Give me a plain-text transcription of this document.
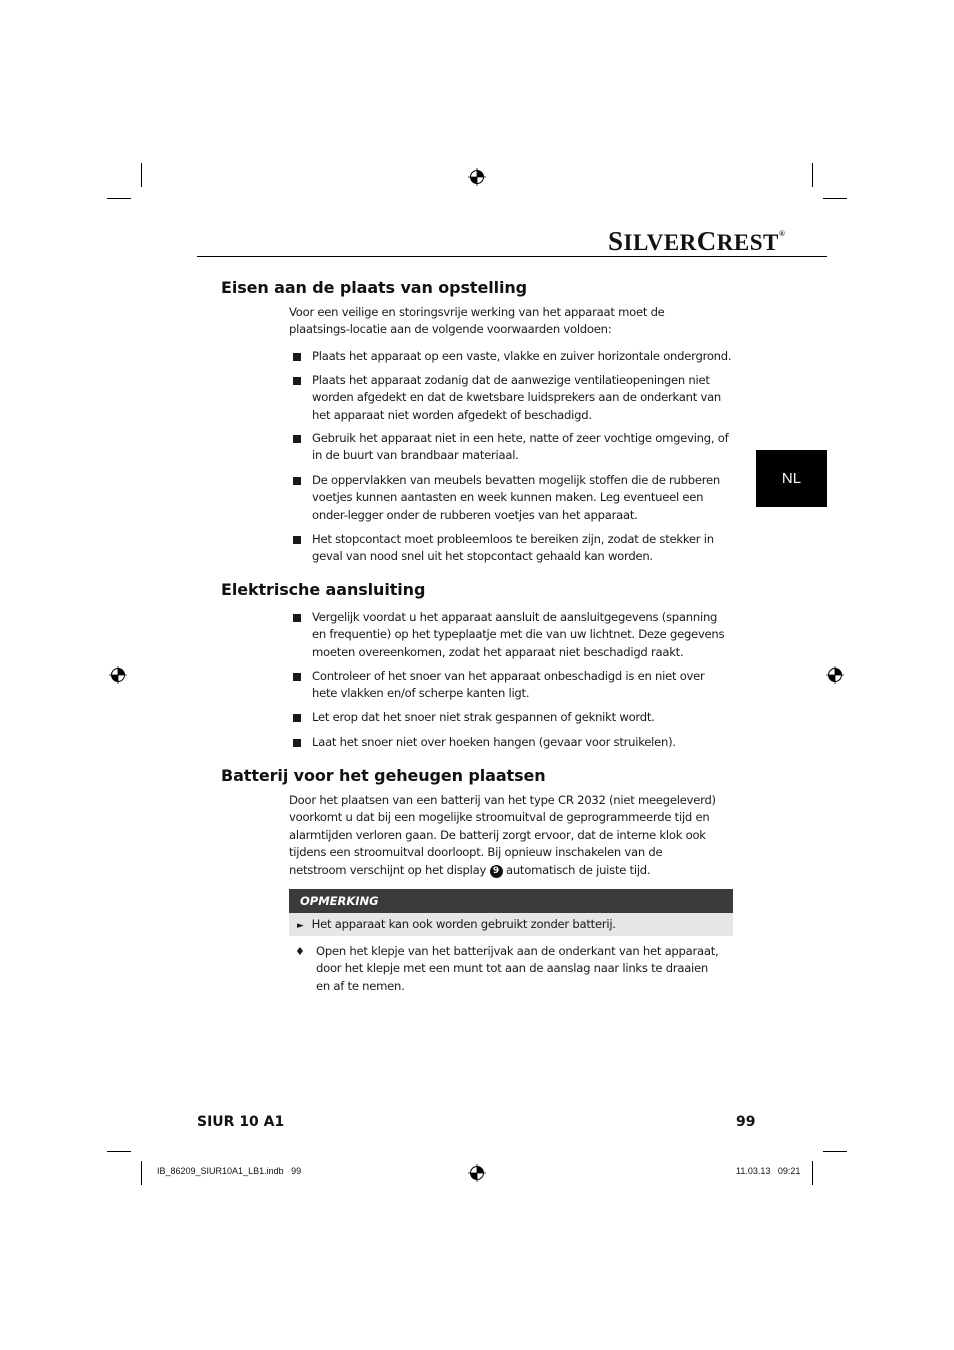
SILVERCREST®
NL
Eisen aan de plaats van opstelling

Voor een veilige en storingsvrije werking van het apparaat moet de plaatsings-locatie aan de volgende voorwaarden voldoen:

Plaats het apparaat op een vaste, vlakke en zuiver horizontale ondergrond.
Plaats het apparaat zodanig dat de aanwezige ventilatieopeningen niet worden afgedekt en dat de kwetsbare luidsprekers aan de onderkant van het apparaat niet worden afgedekt of beschadigd.
Gebruik het apparaat niet in een hete, natte of zeer vochtige omgeving, of in de buurt van brandbaar materiaal.
De oppervlakken van meubels bevatten mogelijk stoffen die de rubberen voetjes kunnen aantasten en week kunnen maken. Leg eventueel een onder-legger onder de rubberen voetjes van het apparaat.
Het stopcontact moet probleemloos te bereiken zijn, zodat de stekker in geval van nood snel uit het stopcontact gehaald kan worden.
Elektrische aansluiting
Vergelijk voordat u het apparaat aansluit de aansluitgegevens (spanning en frequentie) op het typeplaatje met die van uw lichtnet. Deze gegevens moeten overeenkomen, zodat het apparaat niet beschadigd raakt.
Controleer of het snoer van het apparaat onbeschadigd is en niet over hete vlakken en/of scherpe kanten ligt.
Let erop dat het snoer niet strak gespannen of geknikt wordt.
Laat het snoer niet over hoeken hangen (gevaar voor struikelen).
Batterij voor het geheugen plaatsen

Door het plaatsen van een batterij van het type CR 2032 (niet meegeleverd) voorkomt u dat bij een mogelijke stroomuitval de geprogrammeerde tijd en alarmtijden verloren gaan. De batterij zorgt ervoor, dat de interne klok ook tijdens een stroomuitval doorloopt. Bij opnieuw inschakelen van de netstroom verschijnt op het display 9 automatisch de juiste tijd.

OPMERKING
► Het apparaat kan ook worden gebruikt zonder batterij.
♦ Open het klepje van het batterijvak aan de onderkant van het apparaat, door het klepje met een munt tot aan de aanslag naar links te draaien en af te nemen.
SIUR 10 A1	99
IB_86209_SIUR10A1_LB1.indb   99	11.03.13   09:21
